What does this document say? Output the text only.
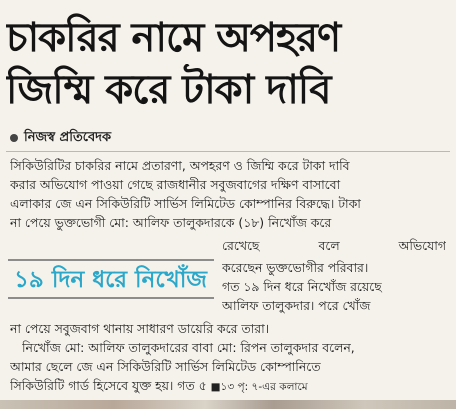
চাকরির নামে অপহরণ
জিম্মি করে টাকা দাবি
নিজস্ব প্রতিবেদক
সিকিউরিটির চাকরির নামে প্রতারণা, অপহরণ ও জিম্মি করে টাকা দাবি
করার অভিযোগ পাওয়া গেছে রাজধানীর সবুজবাগের দক্ষিণ বাসাবো
এলাকার জে এন সিকিউরিটি সার্ভিস লিমিটেড কোম্পানির বিরুদ্ধে। টাকা
না পেয়ে ভুক্তভোগী মো: আলিফ তালুকদারকে (১৮) নিখোঁজ করে
রেখেছে	বলে	অভিযোগ
করেছেন ভুক্তভোগীর পরিবার।
গত ১৯ দিন ধরে নিখোঁজ রয়েছে
আলিফ তালুকদার। পরে খোঁজ
১৯ দিন ধরে নিখোঁজ
না পেয়ে সবুজবাগ থানায় সাধারণ ডায়েরি করে তারা।
নিখোঁজ মো: আলিফ তালুকদারের বাবা মো: রিপন তালুকদার বলেন,
আমার ছেলে জে এন সিকিউরিটি সার্ভিস লিমিটেড কোম্পানিতে
সিকিউরিটি গার্ড হিসেবে যুক্ত হয়। গত ৫ ■১৩ পৃ: ৭-এর কলামে
